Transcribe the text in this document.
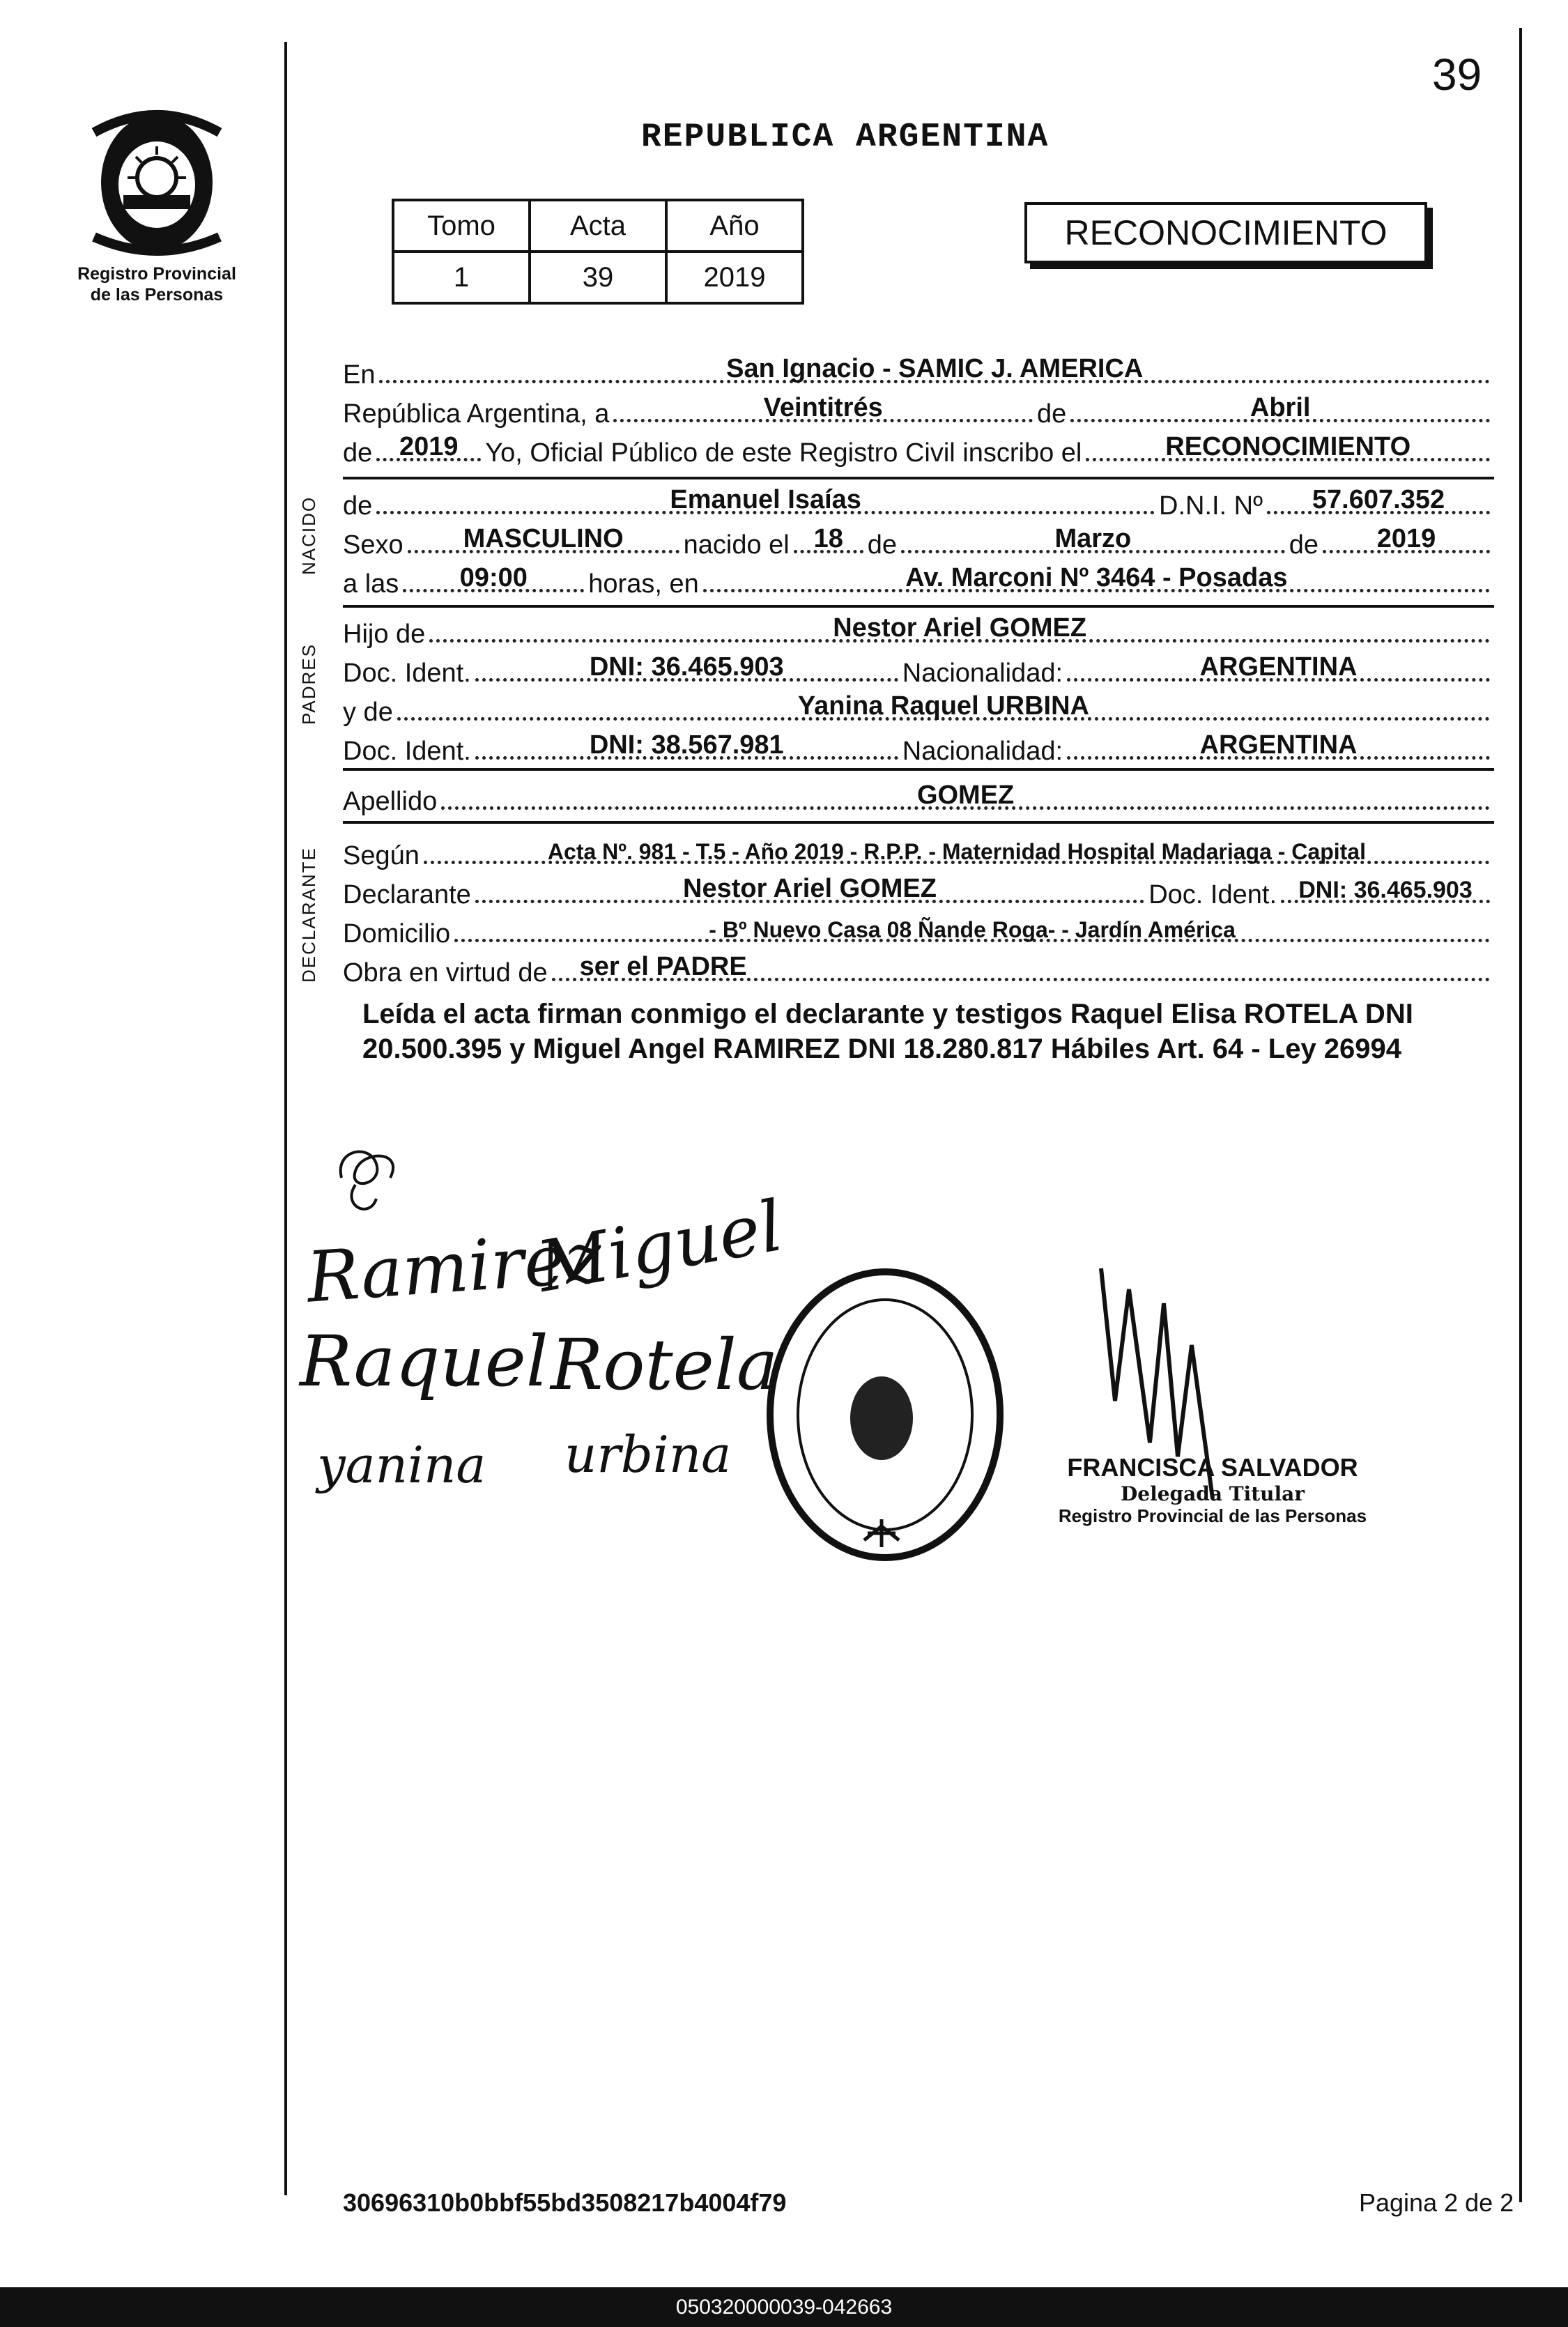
39
REPUBLICA ARGENTINA
Registro Provincial
de las Personas
Tomo	Acta	Año
1	39	2019
RECONOCIMIENTO
En	San Ignacio - SAMIC J. AMERICA
República Argentina, a	Veintitrés	de	Abril
de	2019	Yo, Oficial Público de este Registro Civil inscribo el	RECONOCIMIENTO
NACIDO de	Emanuel Isaías	D.N.I. Nº	57.607.352
Sexo	MASCULINO	nacido el 18 de	Marzo	de	2019
a las	09:00	horas, en	Av. Marconi Nº 3464 - Posadas
PADRES
Hijo de	Nestor Ariel GOMEZ
Doc. Ident.	DNI: 36.465.903	Nacionalidad:	ARGENTINA
y de	Yanina Raquel URBINA
Doc. Ident.	DNI: 38.567.981	Nacionalidad:	ARGENTINA
Apellido	GOMEZ
DECLARANTE Según	Acta Nº. 981 - T.5 - Año 2019 - R.P.P. - Maternidad Hospital Madariaga - Capital
Declarante	Nestor Ariel GOMEZ	Doc. Ident. DNI: 36.465.903
Domicilio	- Bº Nuevo Casa 08 Ñande Roga- - Jardín América
Obra en virtud de	ser el PADRE
Leída el acta firman conmigo el declarante y testigos Raquel Elisa ROTELA DNI 20.500.395 y Miguel Angel RAMIREZ DNI 18.280.817 Hábiles Art. 64 - Ley 26994
Ramirez
Miguel
Raquel Rotela
yanina urbina	FRANCISCA SALVADOR
Delegada Titular
Registro Provincial de las Personas
30696310b0bbf55bd3508217b4004f79	Pagina 2 de 2
050320000039-042663
